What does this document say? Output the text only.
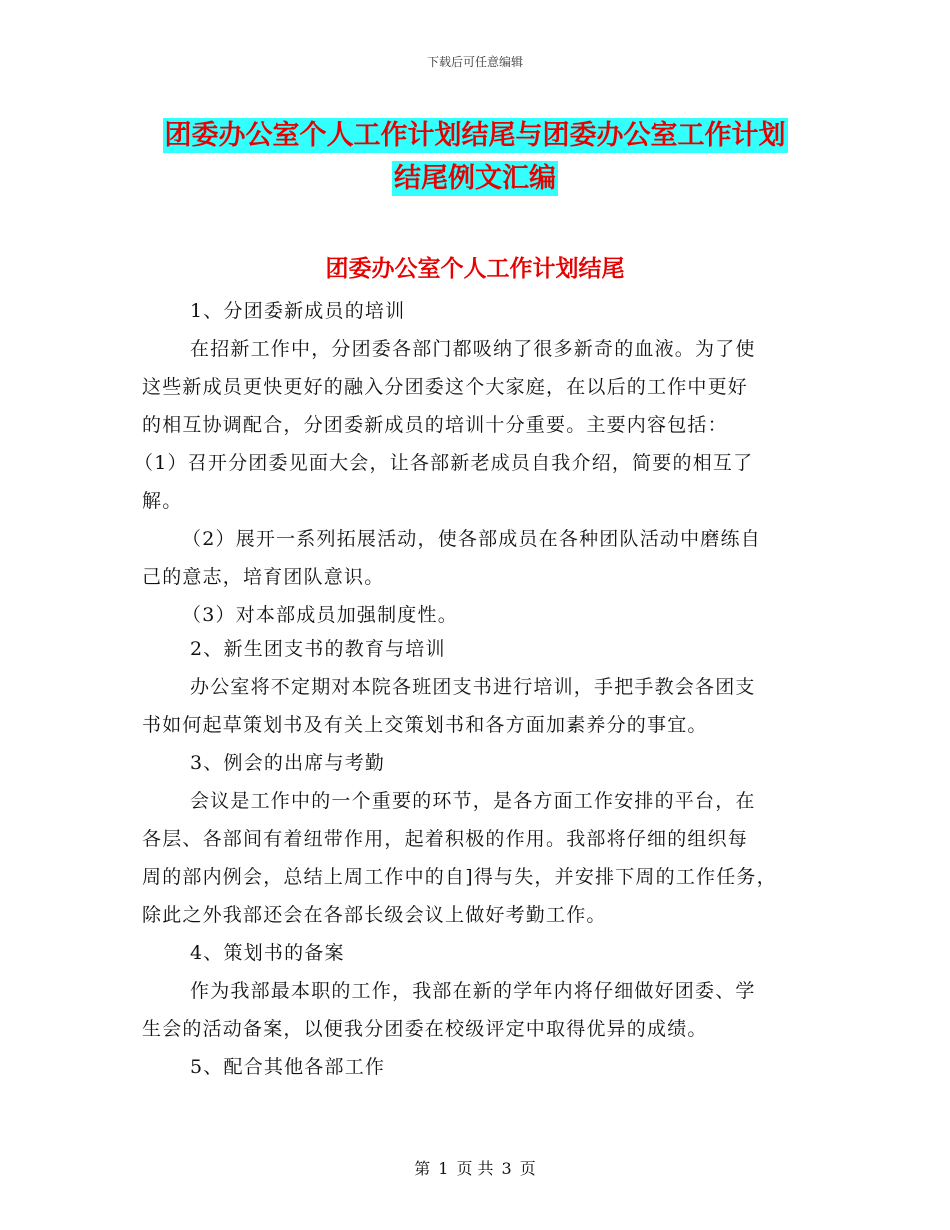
下载后可任意编辑
团委办公室个人工作计划结尾与团委办公室工作计划
结尾例文汇编
团委办公室个人工作计划结尾
1、分团委新成员的培训
在招新工作中，分团委各部门都吸纳了很多新奇的血液。为了使
这些新成员更快更好的融入分团委这个大家庭，在以后的工作中更好
的相互协调配合，分团委新成员的培训十分重要。主要内容包括：
（1）召开分团委见面大会，让各部新老成员自我介绍，简要的相互了
解。
（2）展开一系列拓展活动，使各部成员在各种团队活动中磨练自
己的意志，培育团队意识。
（3）对本部成员加强制度性。
2、新生团支书的教育与培训
办公室将不定期对本院各班团支书进行培训，手把手教会各团支
书如何起草策划书及有关上交策划书和各方面加素养分的事宜。
3、例会的出席与考勤
会议是工作中的一个重要的环节，是各方面工作安排的平台，在
各层、各部间有着纽带作用，起着积极的作用。我部将仔细的组织每
周的部内例会，总结上周工作中的自]得与失，并安排下周的工作任务，
除此之外我部还会在各部长级会议上做好考勤工作。
4、策划书的备案
作为我部最本职的工作，我部在新的学年内将仔细做好团委、学
生会的活动备案，以便我分团委在校级评定中取得优异的成绩。
5、配合其他各部工作
第 1 页 共 3 页
